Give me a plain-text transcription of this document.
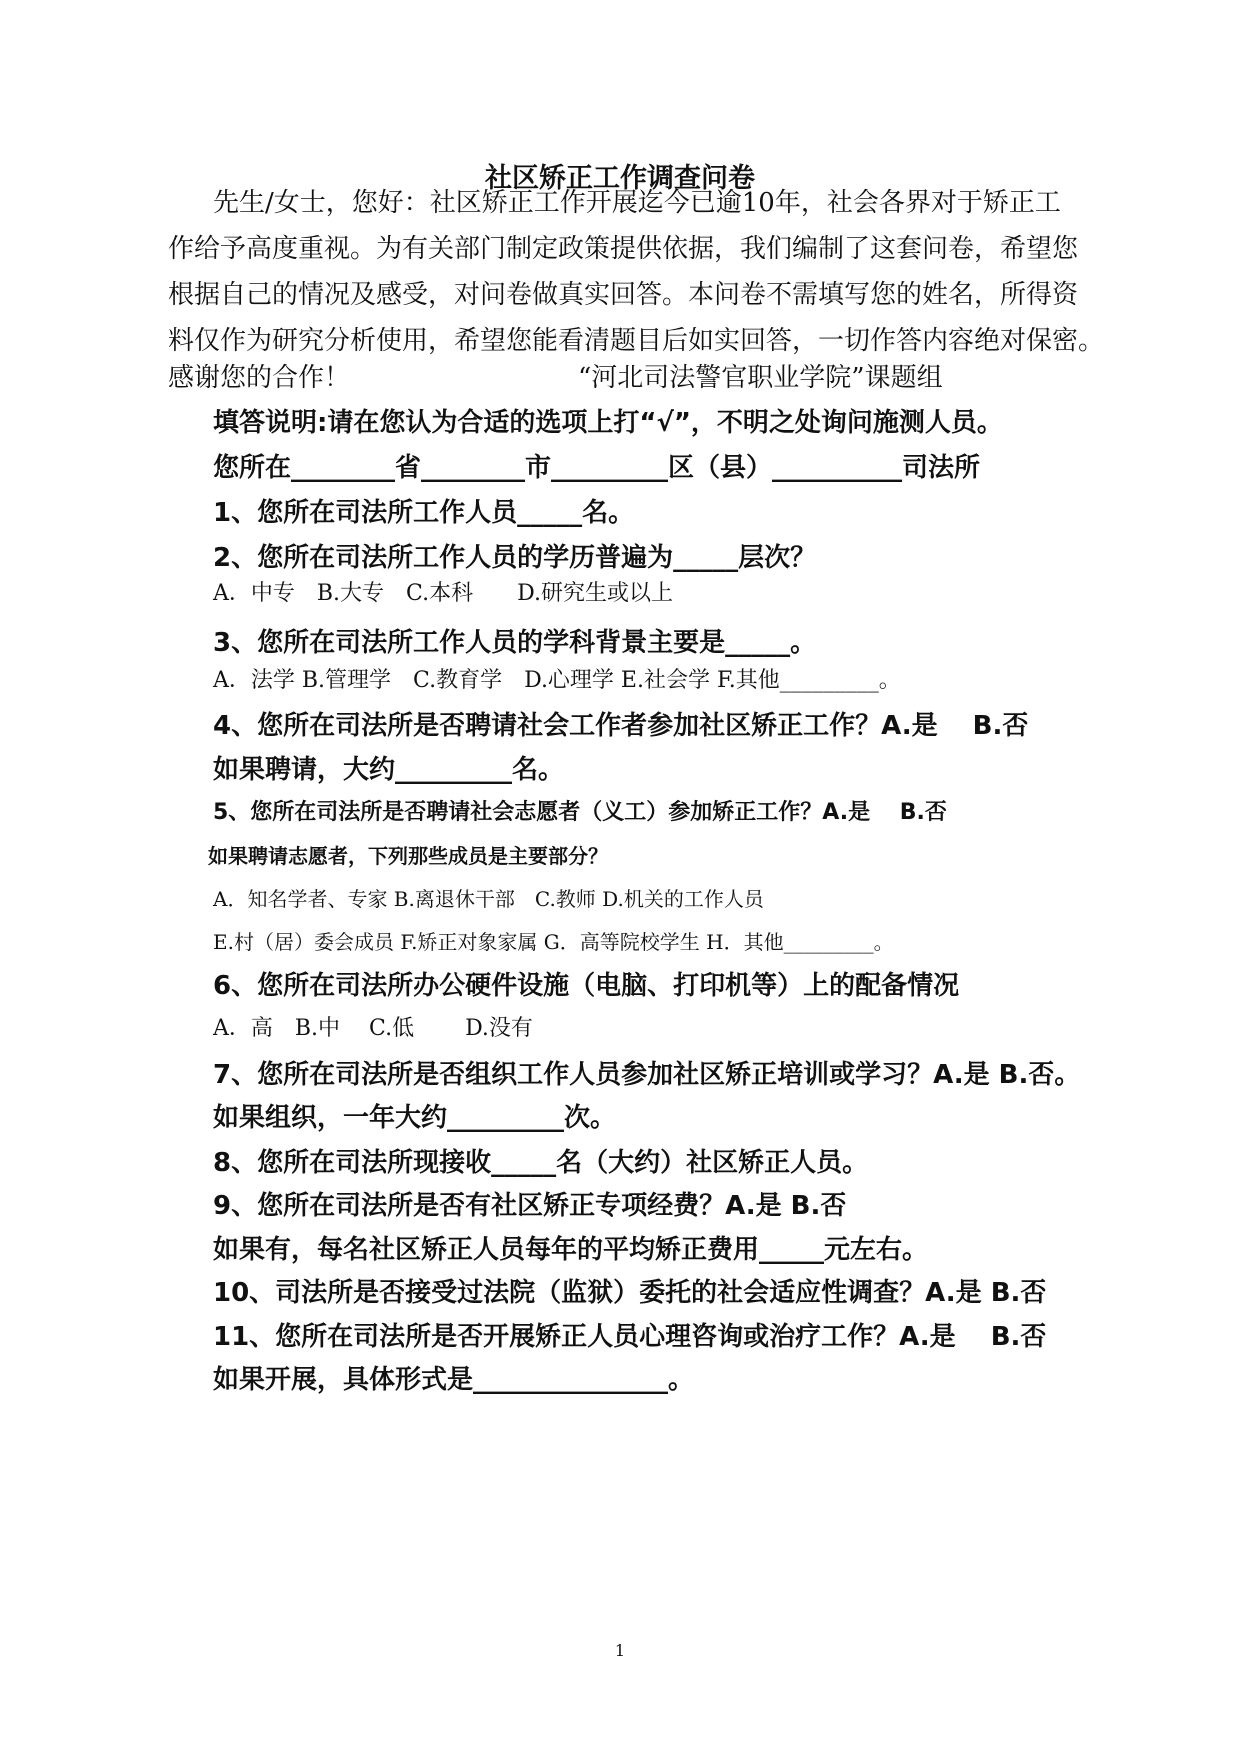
社区矫正工作调查问卷
先生/女士，您好：社区矫正工作开展迄今已逾10年，社会各界对于矫正工
作给予高度重视。为有关部门制定政策提供依据，我们编制了这套问卷，希望您
根据自己的情况及感受，对问卷做真实回答。本问卷不需填写您的姓名，所得资
料仅作为研究分析使用，希望您能看清题目后如实回答，一切作答内容绝对保密。
感谢您的合作！	“河北司法警官职业学院”课题组
填答说明:请在您认为合适的选项上打“√”，不明之处询问施测人员。
您所在________省________市_________区（县）__________司法所
1、您所在司法所工作人员_____名。
2、您所在司法所工作人员的学历普遍为_____层次？
A．中专　B.大专　C.本科　　D.研究生或以上
3、您所在司法所工作人员的学科背景主要是_____。
A．法学 B.管理学　C.教育学　D.心理学 E.社会学 F.其他_________。
4、您所在司法所是否聘请社会工作者参加社区矫正工作？A.是　 B.否
如果聘请，大约_________名。
5、您所在司法所是否聘请社会志愿者（义工）参加矫正工作？A.是　 B.否
如果聘请志愿者，下列那些成员是主要部分？
A．知名学者、专家 B.离退休干部　C.教师 D.机关的工作人员
E.村（居）委会成员 F.矫正对象家属 G．高等院校学生 H．其他_________。
6、您所在司法所办公硬件设施（电脑、打印机等）上的配备情况
A．高　B.中　 C.低　　 D.没有
7、您所在司法所是否组织工作人员参加社区矫正培训或学习？A.是 B.否。
如果组织，一年大约_________次。
8、您所在司法所现接收_____名（大约）社区矫正人员。
9、您所在司法所是否有社区矫正专项经费？A.是 B.否
如果有，每名社区矫正人员每年的平均矫正费用_____元左右。
10、司法所是否接受过法院（监狱）委托的社会适应性调查？A.是 B.否
11、您所在司法所是否开展矫正人员心理咨询或治疗工作？A.是　 B.否
如果开展，具体形式是_______________。
1
